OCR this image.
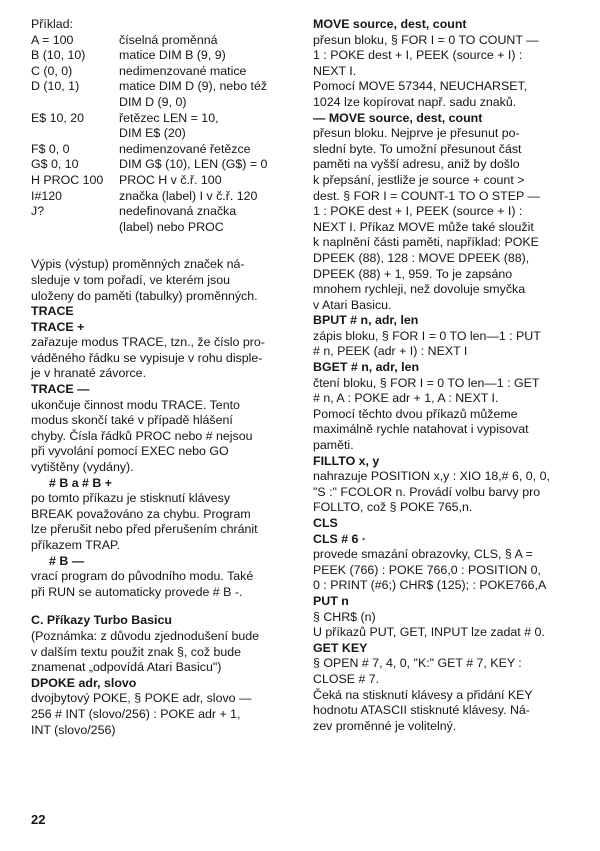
Příklad:
A = 100	číselná proměnná
B (10, 10)	matice DIM B (9, 9)
C (0, 0)	nedimenzované matice
D (10, 1)	matice DIM D (9), nebo též
DIM D (9, 0)
E$ 10, 20	řetězec LEN = 10,
DIM E$ (20)
F$ 0, 0	nedimenzované řetězce
G$ 0, 10	DIM G$ (10), LEN (G$) = 0
H PROC 100	PROC H v č.ř. 100
I#120	značka (label) I v č.ř. 120
J?	nedefinovaná značka
(label) nebo PROC
Výpis (výstup) proměnných značek ná-
sleduje v tom pořadí, ve kterém jsou
uloženy do paměti (tabulky) proměnných.
TRACE
TRACE +
zařazuje modus TRACE, tzn., že číslo pro-
váděného řádku se vypisuje v rohu disple-
je v hranaté závorce.
TRACE —
ukončuje činnost modu TRACE. Tento
modus skončí také v případě hlášení
chyby. Čísla řádků PROC nebo # nejsou
při vyvolání pomocí EXEC nebo GO
vytištěny (vydány).
# B a # B +
po tomto příkazu je stisknutí klávesy
BREAK považováno za chybu. Program
lze přerušit nebo před přerušením chránit
příkazem TRAP.
# B —
vrací program do původního modu. Také
při RUN se automaticky provede # B -.
C. Příkazy Turbo Basicu
(Poznámka: z důvodu zjednodušení bude
v dalším textu použit znak §, což bude
znamenat „odpovídá Atari Basicu")
DPOKE adr, slovo
dvojbytový POKE, § POKE adr, slovo —
256 # INT (slovo/256) : POKE adr + 1,
INT (slovo/256)
MOVE source, dest, count
přesun bloku, § FOR I = 0 TO COUNT —
1 : POKE dest + I, PEEK (source + I) :
NEXT I.
Pomocí MOVE 57344, NEUCHARSET,
1024 lze kopírovat např. sadu znaků.
— MOVE source, dest, count
přesun bloku. Nejprve je přesunut po-
slední byte. To umožní přesunout část
paměti na vyšší adresu, aniž by došlo
k přepsání, jestliže je source + count >
dest. § FOR I = COUNT-1 TO O STEP —
1 : POKE dest + I, PEEK (source + I) :
NEXT I. Příkaz MOVE může také sloužit
k naplnění části paměti, například: POKE
DPEEK (88), 128 : MOVE DPEEK (88),
DPEEK (88) + 1, 959. To je zapsáno
mnohem rychleji, než dovoluje smyčka
v Atari Basicu.
BPUT # n, adr, len
zápis bloku, § FOR I = 0 TO len—1 : PUT
# n, PEEK (adr + I) : NEXT I
BGET # n, adr, len
čtení bloku, § FOR I = 0 TO len—1 : GET
# n, A : POKE adr + 1, A : NEXT I.
Pomocí těchto dvou příkazů můžeme
maximálně rychle natahovat i vypisovat
paměti.
FILLTO x, y
nahrazuje POSITION x,y : XIO 18,# 6, 0, 0,
"S :" FCOLOR n. Provádí volbu barvy pro
FOLLTO, což § POKE 765,n.
CLS
CLS # 6 ·
provede smazání obrazovky, CLS, § A =
PEEK (766) : POKE 766,0 : POSITION 0,
0 : PRINT (#6;) CHR$ (125); : POKE766,A
PUT n
§ CHR$ (n)
U příkazů PUT, GET, INPUT lze zadat # 0.
GET KEY
§ OPEN # 7, 4, 0, "K:" GET # 7, KEY :
CLOSE # 7.
Čeká na stisknutí klávesy a přidání KEY
hodnotu ATASCII stisknuté klávesy. Ná-
zev proměnné je volitelný.
22
